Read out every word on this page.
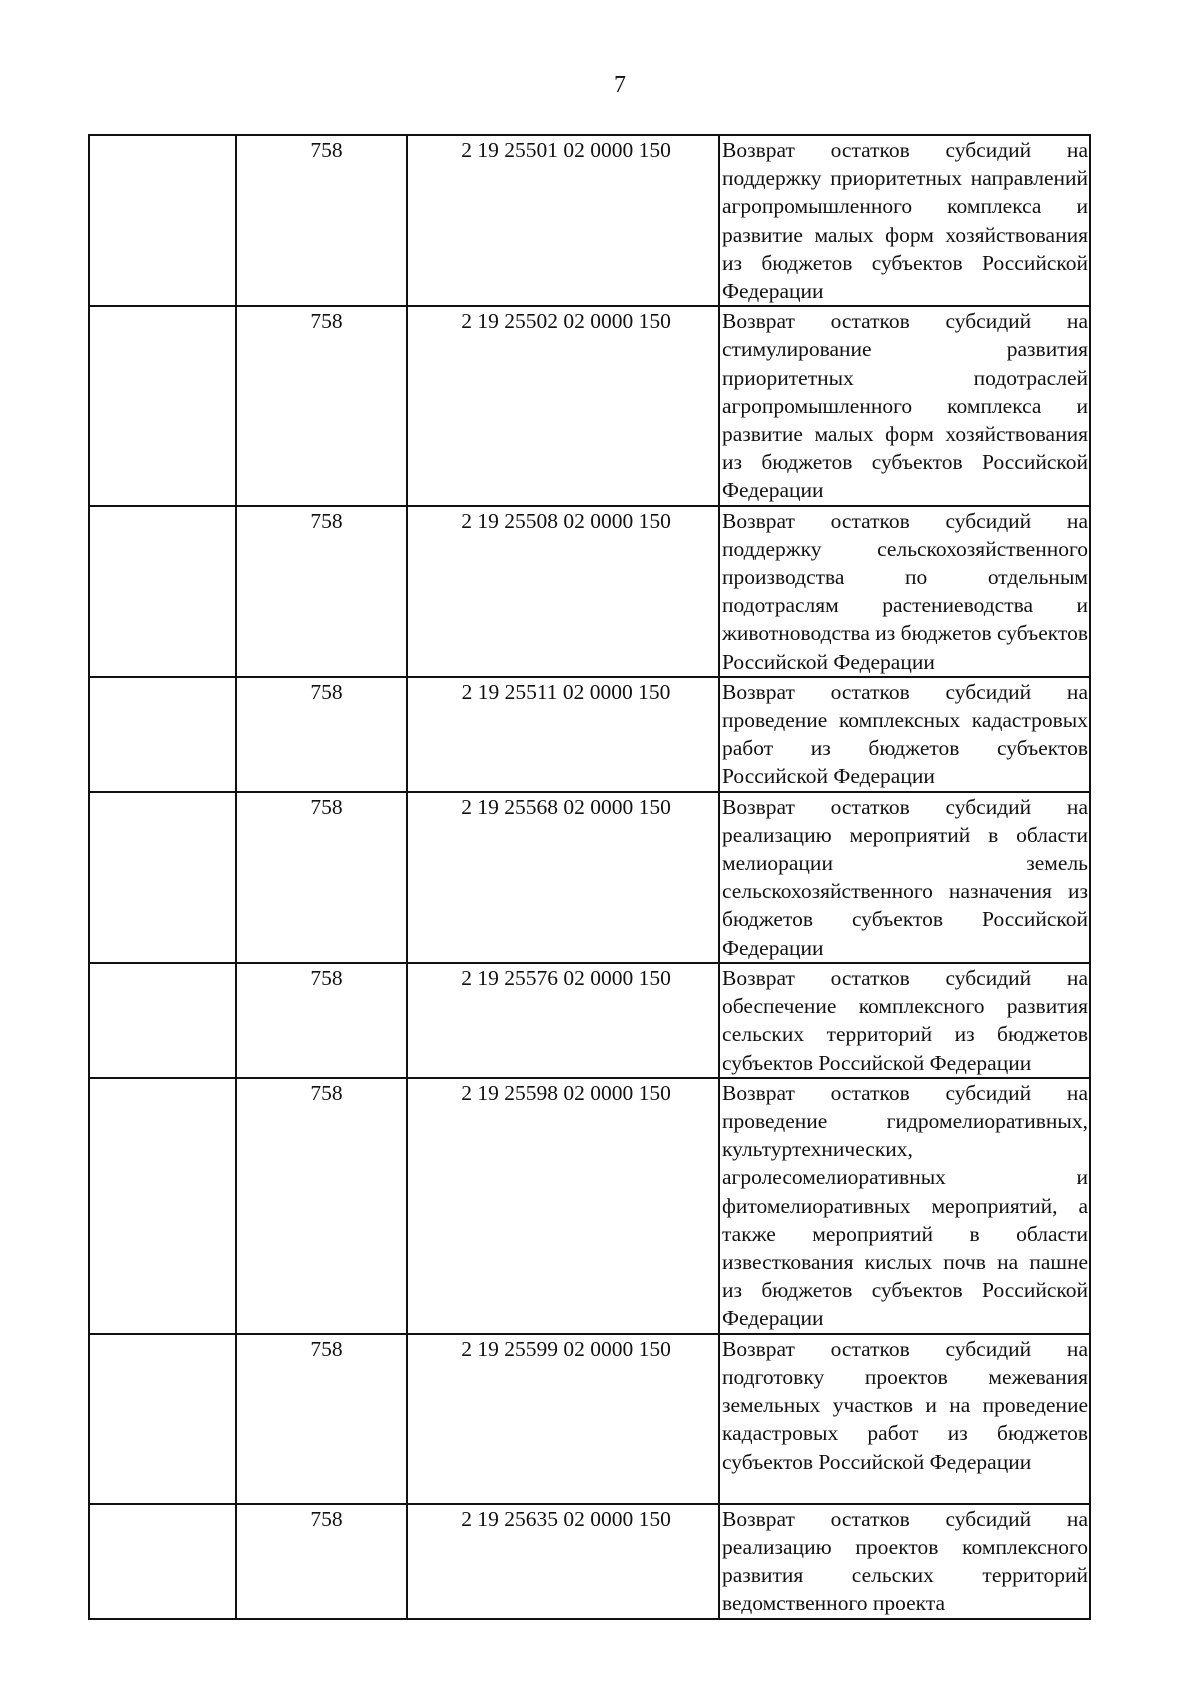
7
	758	2 19 25501 02 0000 150	Возврат остатков субсидий на поддержку приоритетных направлений агропромышленного комплекса и развитие малых форм хозяйствования из бюджетов субъектов Российской Федерации
	758	2 19 25502 02 0000 150	Возврат остатков субсидий на стимулирование развития приоритетных подотраслей агропромышленного комплекса и развитие малых форм хозяйствования из бюджетов субъектов Российской Федерации
	758	2 19 25508 02 0000 150	Возврат остатков субсидий на поддержку сельскохозяйственного производства по отдельным подотраслям растениеводства и животноводства из бюджетов субъектов Российской Федерации
	758	2 19 25511 02 0000 150	Возврат остатков субсидий на проведение комплексных кадастровых работ из бюджетов субъектов Российской Федерации
	758	2 19 25568 02 0000 150	Возврат остатков субсидий на реализацию мероприятий в области мелиорации земель сельскохозяйственного назначения из бюджетов субъектов Российской Федерации
	758	2 19 25576 02 0000 150	Возврат остатков субсидий на обеспечение комплексного развития сельских территорий из бюджетов субъектов Российской Федерации
	758	2 19 25598 02 0000 150	Возврат остатков субсидий на проведение гидромелиоративных, культуртехнических, агролесомелиоративных и фитомелиоративных мероприятий, а также мероприятий в области известкования кислых почв на пашне из бюджетов субъектов Российской Федерации
	758	2 19 25599 02 0000 150	Возврат остатков субсидий на подготовку проектов межевания земельных участков и на проведение кадастровых работ из бюджетов субъектов Российской Федерации
	758	2 19 25635 02 0000 150	Возврат остатков субсидий на реализацию проектов комплексного развития сельских территорий ведомственного проекта
